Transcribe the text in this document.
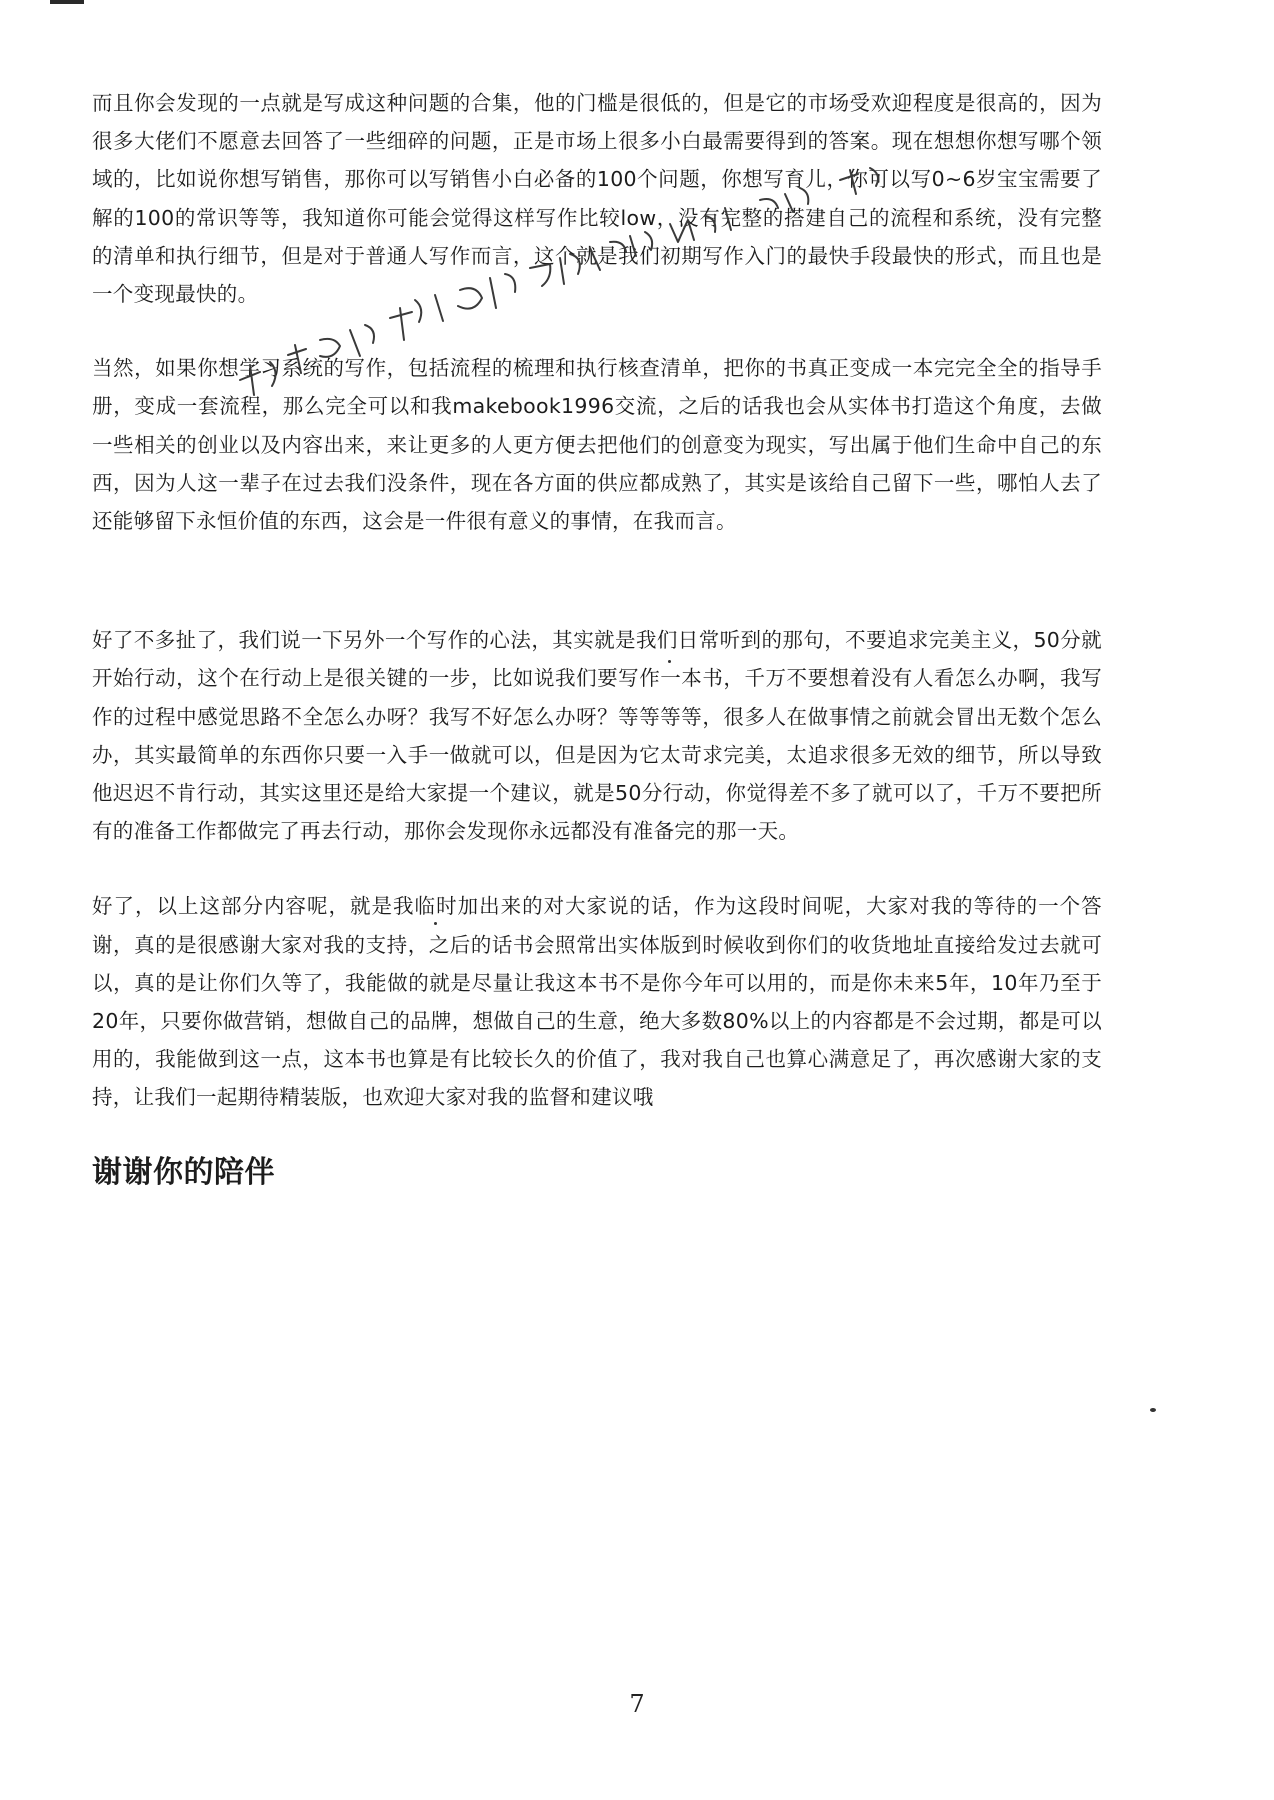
而且你会发现的一点就是写成这种问题的合集，他的门槛是很低的，但是它的市场受欢迎程度是很高的，因为很多大佬们不愿意去回答了一些细碎的问题，正是市场上很多小白最需要得到的答案。现在想想你想写哪个领域的，比如说你想写销售，那你可以写销售小白必备的100个问题，你想写育儿，你可以写0~6岁宝宝需要了解的100的常识等等，我知道你可能会觉得这样写作比较low，没有完整的搭建自己的流程和系统，没有完整的清单和执行细节，但是对于普通人写作而言，这个就是我们初期写作入门的最快手段最快的形式，而且也是一个变现最快的。

当然，如果你想学习系统的写作，包括流程的梳理和执行核查清单，把你的书真正变成一本完完全全的指导手册，变成一套流程，那么完全可以和我makebook1996交流，之后的话我也会从实体书打造这个角度，去做一些相关的创业以及内容出来，来让更多的人更方便去把他们的创意变为现实，写出属于他们生命中自己的东西，因为人这一辈子在过去我们没条件，现在各方面的供应都成熟了，其实是该给自己留下一些，哪怕人去了还能够留下永恒价值的东西，这会是一件很有意义的事情，在我而言。

好了不多扯了，我们说一下另外一个写作的心法，其实就是我们日常听到的那句，不要追求完美主义，50分就开始行动，这个在行动上是很关键的一步，比如说我们要写作一本书，千万不要想着没有人看怎么办啊，我写作的过程中感觉思路不全怎么办呀？我写不好怎么办呀？等等等等，很多人在做事情之前就会冒出无数个怎么办，其实最简单的东西你只要一入手一做就可以，但是因为它太苛求完美，太追求很多无效的细节，所以导致他迟迟不肯行动，其实这里还是给大家提一个建议，就是50分行动，你觉得差不多了就可以了，千万不要把所有的准备工作都做完了再去行动，那你会发现你永远都没有准备完的那一天。

好了，以上这部分内容呢，就是我临时加出来的对大家说的话，作为这段时间呢，大家对我的等待的一个答谢，真的是很感谢大家对我的支持，之后的话书会照常出实体版到时候收到你们的收货地址直接给发过去就可以，真的是让你们久等了，我能做的就是尽量让我这本书不是你今年可以用的，而是你未来5年，10年乃至于20年，只要你做营销，想做自己的品牌，想做自己的生意，绝大多数80%以上的内容都是不会过期，都是可以用的，我能做到这一点，这本书也算是有比较长久的价值了，我对我自己也算心满意足了，再次感谢大家的支持，让我们一起期待精装版，也欢迎大家对我的监督和建议哦

谢谢你的陪伴
7
